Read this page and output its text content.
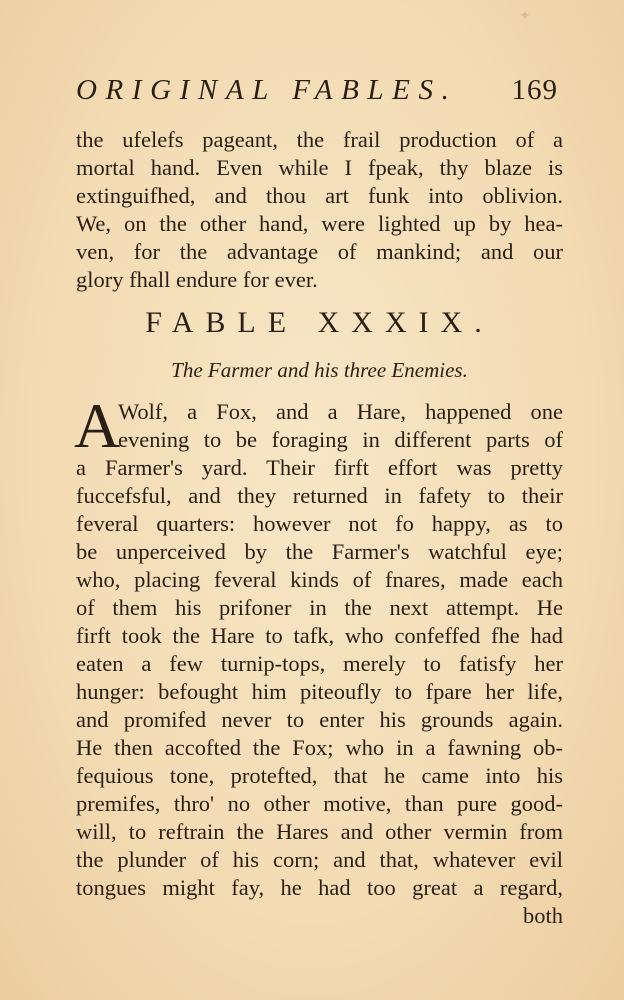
✦
ORIGINAL FABLES. 169
the ufelefs pageant, the frail production of a
mortal hand. Even while I fpeak, thy blaze is
extinguifhed, and thou art funk into oblivion.
We, on the other hand, were lighted up by hea-
ven, for the advantage of mankind; and our
glory fhall endure for ever.
FABLE XXXIX.
The Farmer and his three Enemies.
A
Wolf, a Fox, and a Hare, happened one
evening to be foraging in different parts of
a Farmer's yard. Their firft effort was pretty
fuccefsful, and they returned in fafety to their
feveral quarters: however not fo happy, as to
be unperceived by the Farmer's watchful eye;
who, placing feveral kinds of fnares, made each
of them his prifoner in the next attempt. He
firft took the Hare to tafk, who confeffed fhe had
eaten a few turnip-tops, merely to fatisfy her
hunger: befought him piteoufly to fpare her life,
and promifed never to enter his grounds again.
He then accofted the Fox; who in a fawning ob-
fequious tone, protefted, that he came into his
premifes, thro' no other motive, than pure good-
will, to reftrain the Hares and other vermin from
the plunder of his corn; and that, whatever evil
tongues might fay, he had too great a regard,
both
